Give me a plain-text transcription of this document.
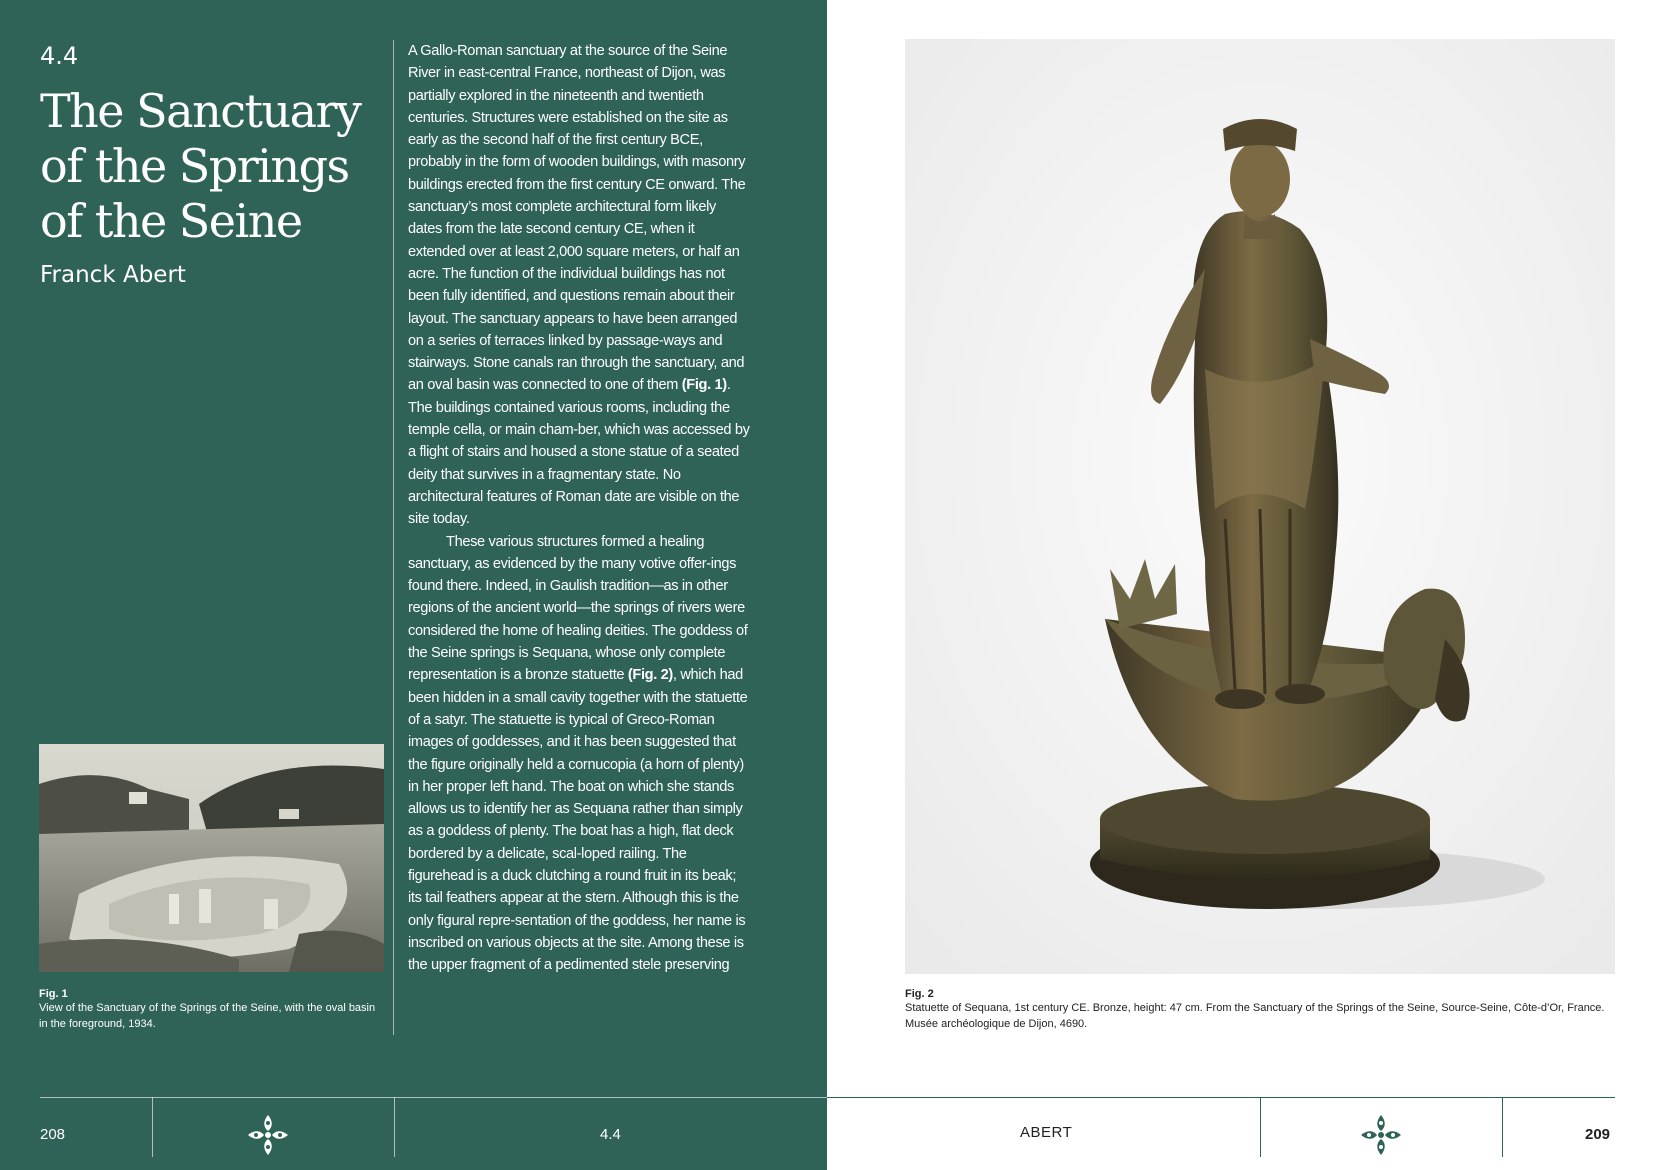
4.4
The Sanctuary of the Springs of the Seine
Franck Abert

A Gallo-Roman sanctuary at the source of the Seine River in east-central France, northeast of Dijon, was partially explored in the nineteenth and twentieth centuries. Structures were established on the site as early as the second half of the first century BCE, probably in the form of wooden buildings, with masonry buildings erected from the first century CE onward. The sanctuary’s most complete architectural form likely dates from the late second century CE, when it extended over at least 2,000 square meters, or half an acre. The function of the individual buildings has not been fully identified, and questions remain about their layout. The sanctuary appears to have been arranged on a series of terraces linked by passage-ways and stairways. Stone canals ran through the sanctuary, and an oval basin was connected to one of them (Fig. 1). The buildings contained various rooms, including the temple cella, or main cham-ber, which was accessed by a flight of stairs and housed a stone statue of a seated deity that survives in a fragmentary state. No architectural features of Roman date are visible on the site today.

These various structures formed a healing sanctuary, as evidenced by the many votive offer-ings found there. Indeed, in Gaulish tradition—as in other regions of the ancient world—the springs of rivers were considered the home of healing deities. The goddess of the Seine springs is Sequana, whose only complete representation is a bronze statuette (Fig. 2), which had been hidden in a small cavity together with the statuette of a satyr. The statuette is typical of Greco-Roman images of goddesses, and it has been suggested that the figure originally held a cornucopia (a horn of plenty) in her proper left hand. The boat on which she stands allows us to identify her as Sequana rather than simply as a goddess of plenty. The boat has a high, flat deck bordered by a delicate, scal-loped railing. The figurehead is a duck clutching a round fruit in its beak; its tail feathers appear at the stern. Although this is the only figural repre-sentation of the goddess, her name is inscribed on various objects at the site. Among these is the upper fragment of a pedimented stele preserving

Fig. 1
View of the Sanctuary of the Springs of the Seine, with the oval basin in the foreground, 1934.
208	4.4
Fig. 2
Statuette of Sequana, 1st century CE. Bronze, height: 47 cm. From the Sanctuary of the Springs of the Seine, Source-Seine, Côte-d’Or, France. Musée archéologique de Dijon, 4690.
ABERT	209
